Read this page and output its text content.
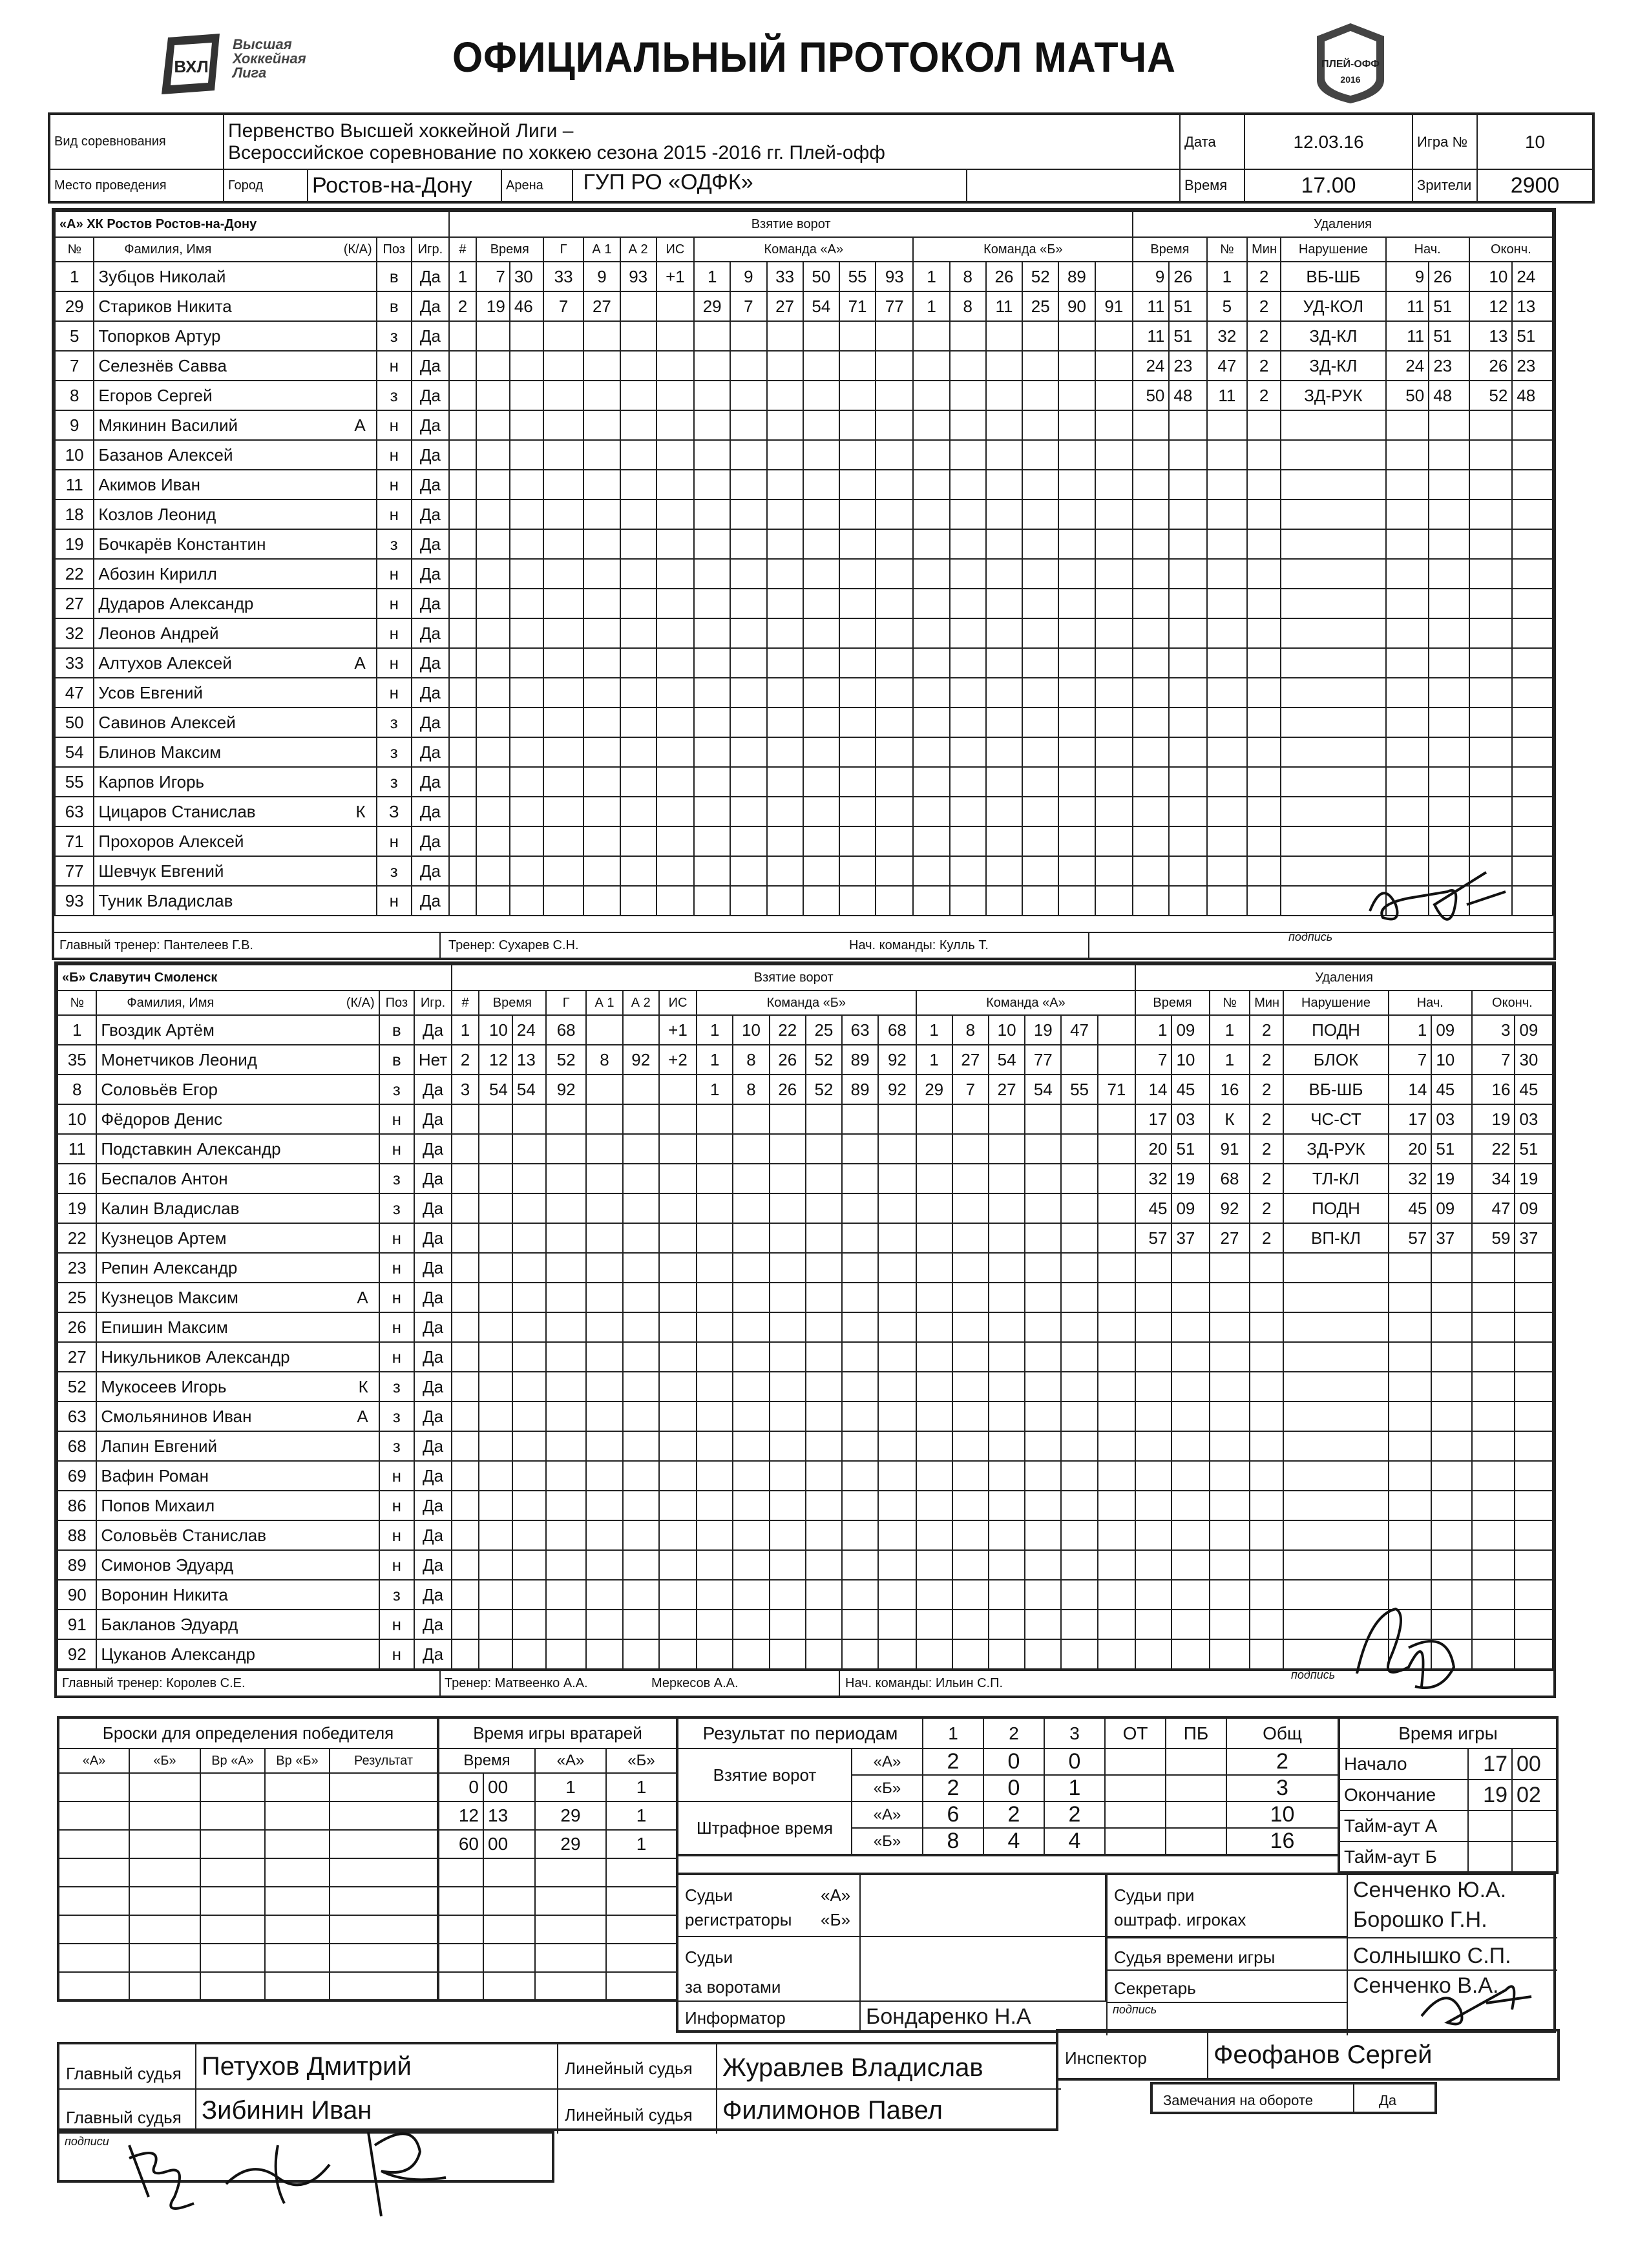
ВХЛ
Высшая
Хоккейная
Лига	ОФИЦИАЛЬНЫЙ ПРОТОКОЛ МАТЧА	ПЛЕЙ-ОФФ
2016
Вид соревнования	Первенство Высшей хоккейной Лиги –
Всероссийское соревнование по хоккею сезона 2015 -2016 гг. Плей-офф				Дата	12.03.16	Игра №	10
Место проведения	Город	Ростов-на-Дону	Арена ГУП РО «ОДФК»		Время	17.00	Зрители	2900
«А» ХК Ростов Ростов-на-Дону				Взятие ворот																			Удаления								
№	Фамилия, Имя (К/А)	Поз	Игр.	#	Время		Г	А 1	А 2	ИС	Команда «А»						Команда «Б»						Время		№	Мин	Нарушение	Нач.		Оконч.	
1	Зубцов Николай	в	Да	1	7	30	33	9	93	+1	1	9	33	50	55	93	1	8	26	52	89		9	26	1	2	ВБ-ШБ	9	26	10	24
29	Стариков Никита	в	Да	2	19	46	7	27			29	7	27	54	71	77	1	8	11	25	90	91	11	51	5	2	УД-КОЛ	11	51	12	13
5	Топорков Артур	з	Да																				11	51	32	2	ЗД-КЛ	11	51	13	51
7	Селезнёв Савва	н	Да																				24	23	47	2	ЗД-КЛ	24	23	26	23
8	Егоров Сергей	з	Да																				50	48	11	2	ЗД-РУК	50	48	52	48
9	Мякинин Василий А	н	Да																												
10	Базанов Алексей	н	Да																												
11	Акимов Иван	н	Да																												
18	Козлов Леонид	н	Да																												
19	Бочкарёв Константин	з	Да																												
22	Абозин Кирилл	н	Да																												
27	Дударов Александр	н	Да																												
32	Леонов Андрей	н	Да																												
33	Алтухов Алексей А	н	Да																												
47	Усов Евгений	н	Да																												
50	Савинов Алексей	з	Да																												
54	Блинов Максим	з	Да																												
55	Карпов Игорь	з	Да																												
63	Цицаров Станислав К	З	Да																												
71	Прохоров Алексей	н	Да																												
77	Шевчук Евгений	з	Да																												
93	Туник Владислав	н	Да																												
Главный тренер: Пантелеев Г.В.	Тренер: Сухарев С.Н.	Нач. команды: Кулль Т.
подпись
«Б» Славутич Смоленск				Взятие ворот																			Удаления								
№	Фамилия, Имя (К/А)	Поз	Игр.	#	Время		Г	А 1	А 2	ИС	Команда «Б»						Команда «А»						Время		№	Мин	Нарушение	Нач.		Оконч.	
1	Гвоздик Артём	в	Да	1	10	24	68			+1	1	10	22	25	63	68	1	8	10	19	47		1	09	1	2	ПОДН	1	09	3	09
35	Монетчиков Леонид	в	Нет	2	12	13	52	8	92	+2	1	8	26	52	89	92	1	27	54	77			7	10	1	2	БЛОК	7	10	7	30
8	Соловьёв Егор	з	Да	3	54	54	92				1	8	26	52	89	92	29	7	27	54	55	71	14	45	16	2	ВБ-ШБ	14	45	16	45
10	Фёдоров Денис	н	Да																				17	03	К	2	ЧС-СТ	17	03	19	03
11	Подставкин Александр	н	Да																				20	51	91	2	ЗД-РУК	20	51	22	51
16	Беспалов Антон	з	Да																				32	19	68	2	ТЛ-КЛ	32	19	34	19
19	Калин Владислав	з	Да																				45	09	92	2	ПОДН	45	09	47	09
22	Кузнецов Артем	н	Да																				57	37	27	2	ВП-КЛ	57	37	59	37
23	Репин Александр	н	Да																												
25	Кузнецов Максим А	н	Да																												
26	Епишин Максим	н	Да																												
27	Никульников Александр	н	Да																												
52	Мукосеев Игорь К	з	Да																												
63	Смольянинов Иван А	з	Да																												
68	Лапин Евгений	з	Да																												
69	Вафин Роман	н	Да																												
86	Попов Михаил	н	Да																												
88	Соловьёв Станислав	н	Да																												
89	Симонов Эдуард	н	Да																												
90	Воронин Никита	з	Да																												
91	Бакланов Эдуард	н	Да																												
92	Цуканов Александр	н	Да																												
Главный тренер: Королев С.Е.	Тренер: Матвеенко А.А.	Меркесов А.А.	Нач. команды: Ильин С.П.
подпись
Броски для определения победителя				
«А»	«Б»	Вр «А»	Вр «Б»	Результат

Время игры вратарей			
Время		«А»	«Б»
0	00	1	1
12	13	29	1
60	00	29	1

Результат по периодам		1	2	3	ОТ	ПБ	Общ
Взятие ворот	«А»	2	0	0			2
	«Б»	2	0	1			3
Штрафное время	«А»	6	2	2			10
	«Б»	8	4	4			16
Время игры		
Начало	17	00
Окончание	19	02
Тайм-аут А		
Тайм-аут Б		
Судьи
регистраторы
«А»
«Б»
Судьи
за воротами
Информатор	Бондаренко Н.А
Судьи при
оштраф. игроках
Сенченко Ю.А.
Борошко Г.Н.
Судья времени игры	Солнышко С.П.
Секретарь	Сенченко В.А.
подпись
Главный судья Петухов Дмитрий
Главный судья Зибинин Иван
Линейный судья Журавлев Владислав
Линейный судья Филимонов Павел
Инспектор	Феофанов Сергей
Замечания на обороте	Да
подписи
